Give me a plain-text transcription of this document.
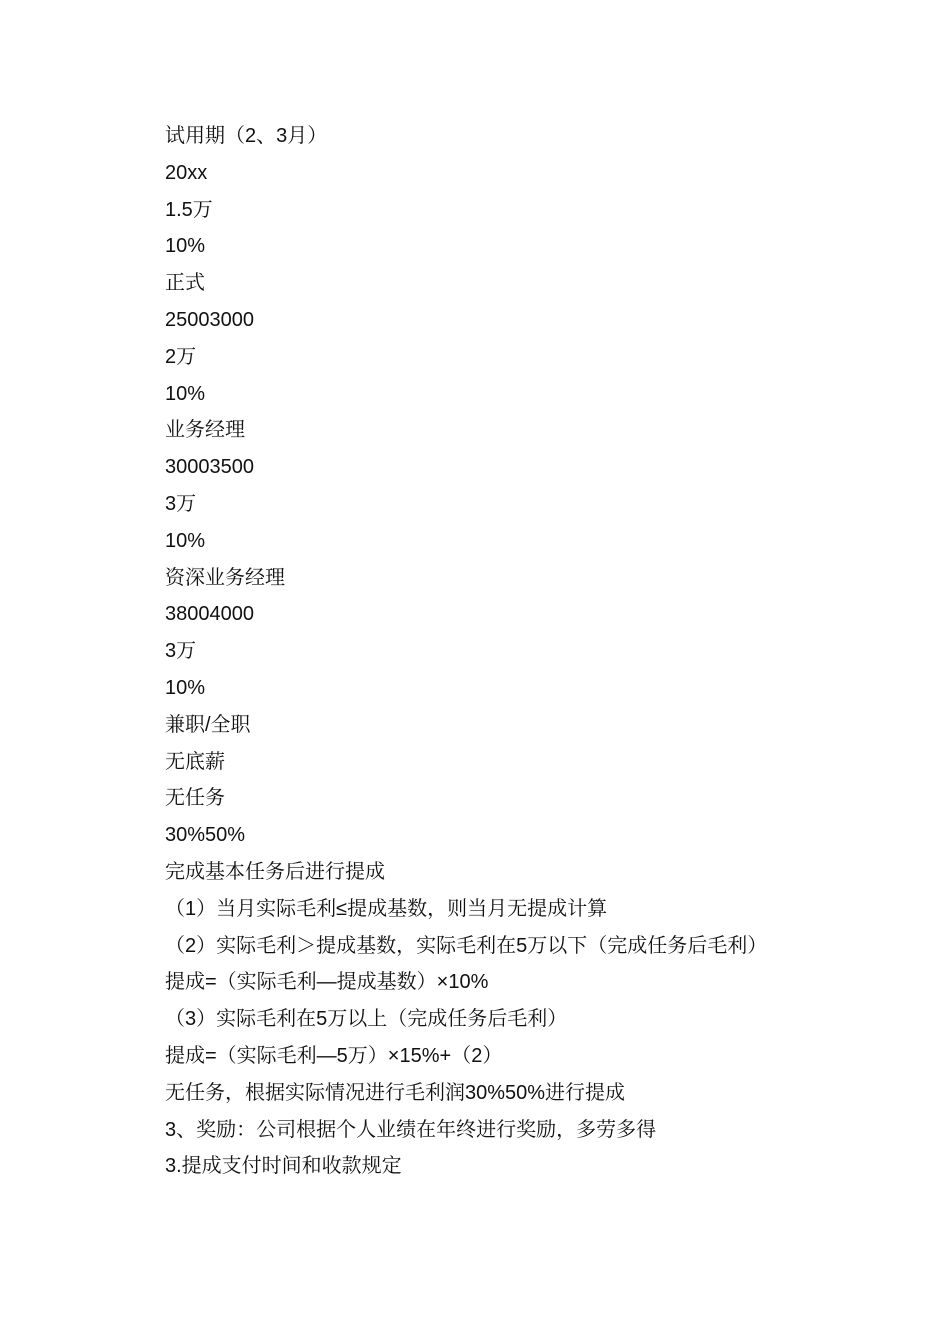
试用期（2、3月）

20xx

1.5万

10%

正式

25003000

2万

10%

业务经理

30003500

3万

10%

资深业务经理

38004000

3万

10%

兼职/全职

无底薪

无任务

30%50%

完成基本任务后进行提成

（1）当月实际毛利≤提成基数，则当月无提成计算

（2）实际毛利＞提成基数，实际毛利在5万以下（完成任务后毛利）

提成=（实际毛利—提成基数）×10%

（3）实际毛利在5万以上（完成任务后毛利）

提成=（实际毛利—5万）×15%+（2）

无任务，根据实际情况进行毛利润30%50%进行提成

3、奖励：公司根据个人业绩在年终进行奖励，多劳多得

3.提成支付时间和收款规定
